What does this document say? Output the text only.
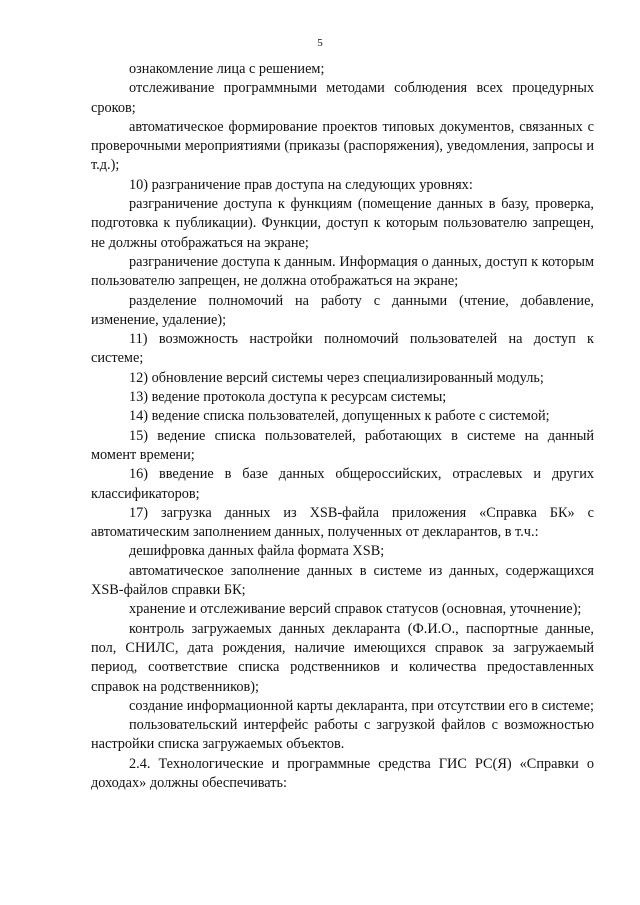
5

ознакомление лица с решением;

отслеживание программными методами соблюдения всех процедурных сроков;

автоматическое формирование проектов типовых документов, связанных с проверочными мероприятиями (приказы (распоряжения), уведомления, запросы и т.д.);

10) разграничение прав доступа на следующих уровнях:

разграничение доступа к функциям (помещение данных в базу, проверка, подготовка к публикации). Функции, доступ к которым пользователю запрещен, не должны отображаться на экране;

разграничение доступа к данным. Информация о данных, доступ к которым пользователю запрещен, не должна отображаться на экране;

разделение полномочий на работу с данными (чтение, добавление, изменение, удаление);

11) возможность настройки полномочий пользователей на доступ к системе;

12) обновление версий системы через специализированный модуль;

13) ведение протокола доступа к ресурсам системы;

14) ведение списка пользователей, допущенных к работе с системой;

15) ведение списка пользователей, работающих в системе на данный момент времени;

16) введение в базе данных общероссийских, отраслевых и других классификаторов;

17) загрузка данных из XSB-файла приложения «Справка БК» с автоматическим заполнением данных, полученных от декларантов, в т.ч.:

дешифровка данных файла формата XSB;

автоматическое заполнение данных в системе из данных, содержащихся XSB-файлов справки БК;

хранение и отслеживание версий справок статусов (основная, уточнение);

контроль загружаемых данных декларанта (Ф.И.О., паспортные данные, пол, СНИЛС, дата рождения, наличие имеющихся справок за загружаемый период, соответствие списка родственников и количества предоставленных справок на родственников);

создание информационной карты декларанта, при отсутствии его в системе;

пользовательский интерфейс работы с загрузкой файлов с возможностью настройки списка загружаемых объектов.

2.4. Технологические и программные средства ГИС РС(Я) «Справки о доходах» должны обеспечивать:
